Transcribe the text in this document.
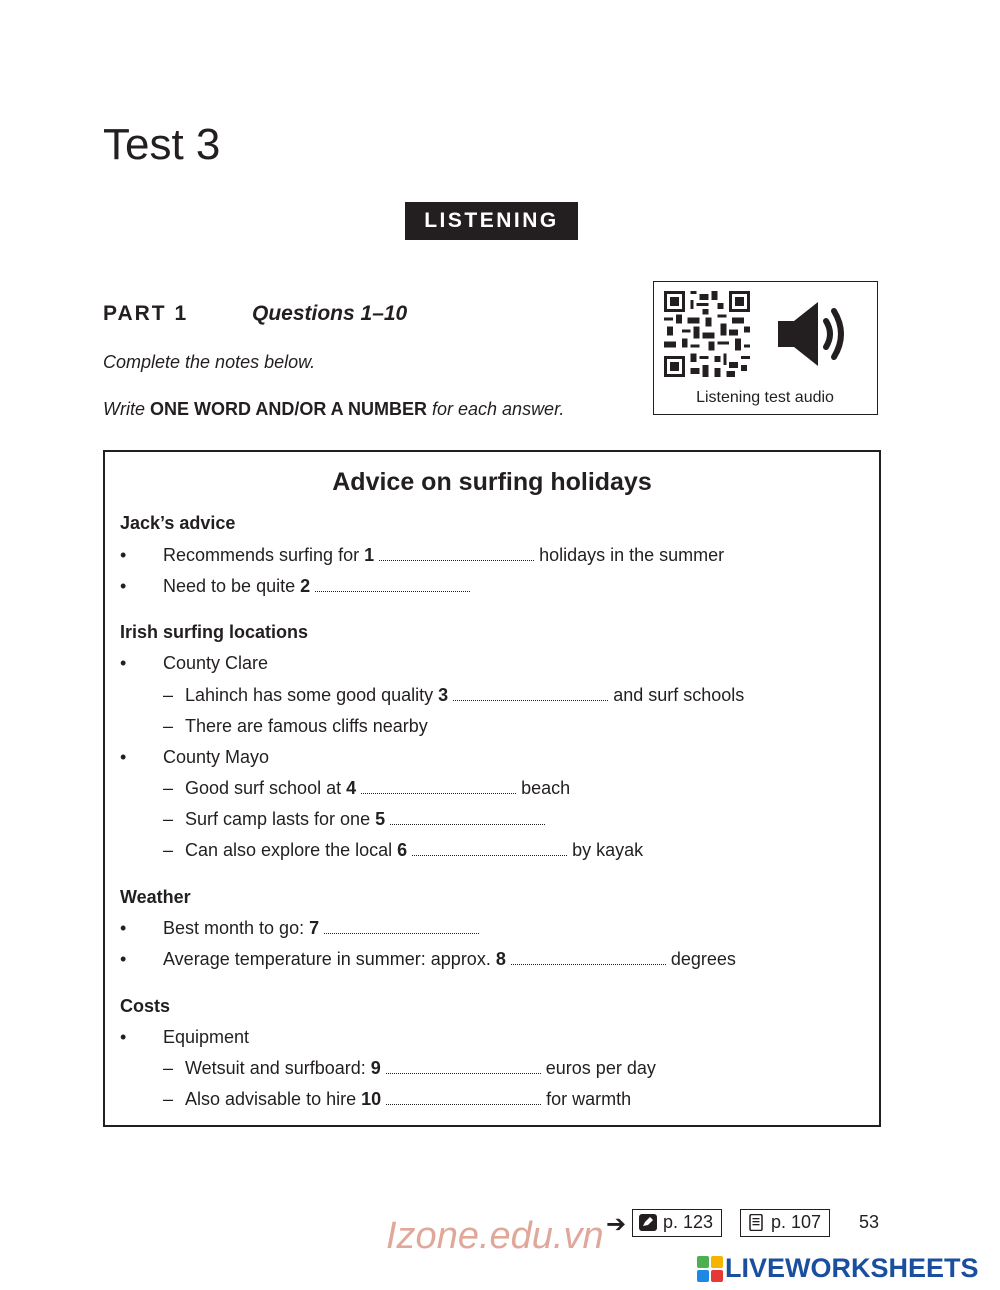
Test 3
LISTENING
PART 1	Questions 1–10
Complete the notes below.
Write ONE WORD AND/OR A NUMBER for each answer.
Listening test audio
Advice on surfing holidays
Jack’s advice
• Recommends surfing for 1	holidays in the summer
• Need to be quite 2
Irish surfing locations
• County Clare
– Lahinch has some good quality 3	and surf schools
– There are famous cliffs nearby
• County Mayo
– Good surf school at 4	beach
– Surf camp lasts for one 5
– Can also explore the local 6	by kayak
Weather
• Best month to go: 7
• Average temperature in summer: approx. 8	degrees
Costs
• Equipment
– Wetsuit and surfboard: 9	euros per day
– Also advisable to hire 10	for warmth
➔	p. 123	p. 107	53
Izone.edu.vn
LIVEWORKSHEETS
